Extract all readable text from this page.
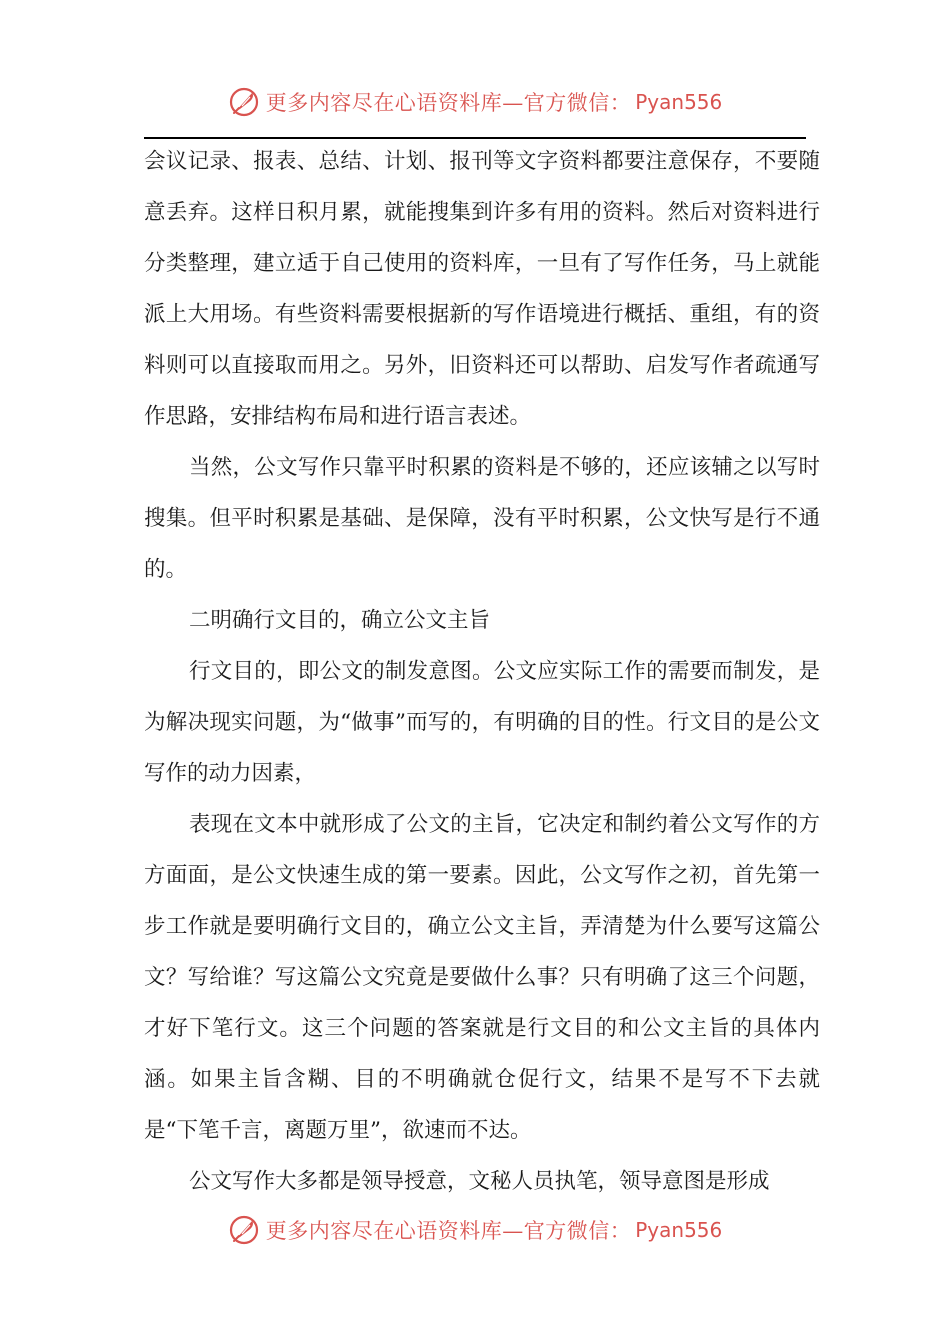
更多内容尽在心语资料库—官方微信： Pyan556

会议记录、报表、总结、计划、报刊等文字资料都要注意保存，不要随意丢弃。这样日积月累，就能搜集到许多有用的资料。然后对资料进行分类整理，建立适于自己使用的资料库，一旦有了写作任务，马上就能派上大用场。有些资料需要根据新的写作语境进行概括、重组，有的资料则可以直接取而用之。另外，旧资料还可以帮助、启发写作者疏通写作思路，安排结构布局和进行语言表述。

当然，公文写作只靠平时积累的资料是不够的，还应该辅之以写时搜集。但平时积累是基础、是保障，没有平时积累，公文快写是行不通的。

二明确行文目的，确立公文主旨

行文目的，即公文的制发意图。公文应实际工作的需要而制发，是为解决现实问题，为“做事”而写的，有明确的目的性。行文目的是公文写作的动力因素，

表现在文本中就形成了公文的主旨，它决定和制约着公文写作的方方面面，是公文快速生成的第一要素。因此，公文写作之初，首先第一步工作就是要明确行文目的，确立公文主旨，弄清楚为什么要写这篇公文？写给谁？写这篇公文究竟是要做什么事？只有明确了这三个问题，才好下笔行文。这三个问题的答案就是行文目的和公文主旨的具体内涵。如果主旨含糊、目的不明确就仓促行文，结果不是写不下去就是“下笔千言，离题万里”，欲速而不达。

公文写作大多都是领导授意，文秘人员执笔，领导意图是形成

更多内容尽在心语资料库—官方微信： Pyan556
